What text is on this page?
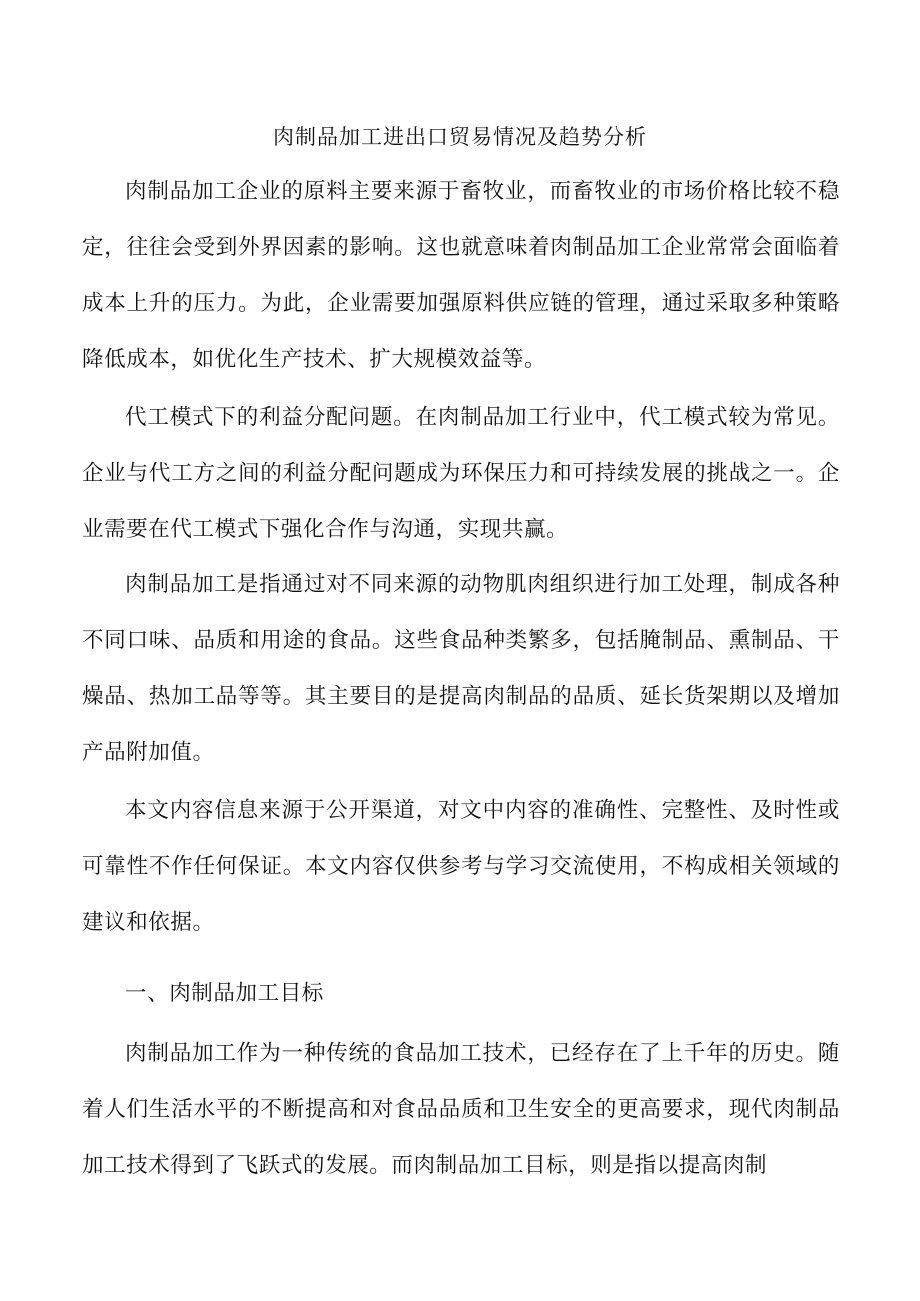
肉制品加工进出口贸易情况及趋势分析

肉制品加工企业的原料主要来源于畜牧业，而畜牧业的市场价格比较不稳定，往往会受到外界因素的影响。这也就意味着肉制品加工企业常常会面临着成本上升的压力。为此，企业需要加强原料供应链的管理，通过采取多种策略降低成本，如优化生产技术、扩大规模效益等。

代工模式下的利益分配问题。在肉制品加工行业中，代工模式较为常见。企业与代工方之间的利益分配问题成为环保压力和可持续发展的挑战之一。企业需要在代工模式下强化合作与沟通，实现共赢。

肉制品加工是指通过对不同来源的动物肌肉组织进行加工处理，制成各种不同口味、品质和用途的食品。这些食品种类繁多，包括腌制品、熏制品、干燥品、热加工品等等。其主要目的是提高肉制品的品质、延长货架期以及增加产品附加值。

本文内容信息来源于公开渠道，对文中内容的准确性、完整性、及时性或可靠性不作任何保证。本文内容仅供参考与学习交流使用，不构成相关领域的建议和依据。

一、肉制品加工目标

肉制品加工作为一种传统的食品加工技术，已经存在了上千年的历史。随着人们生活水平的不断提高和对食品品质和卫生安全的更高要求，现代肉制品加工技术得到了飞跃式的发展。而肉制品加工目标，则是指以提高肉制
